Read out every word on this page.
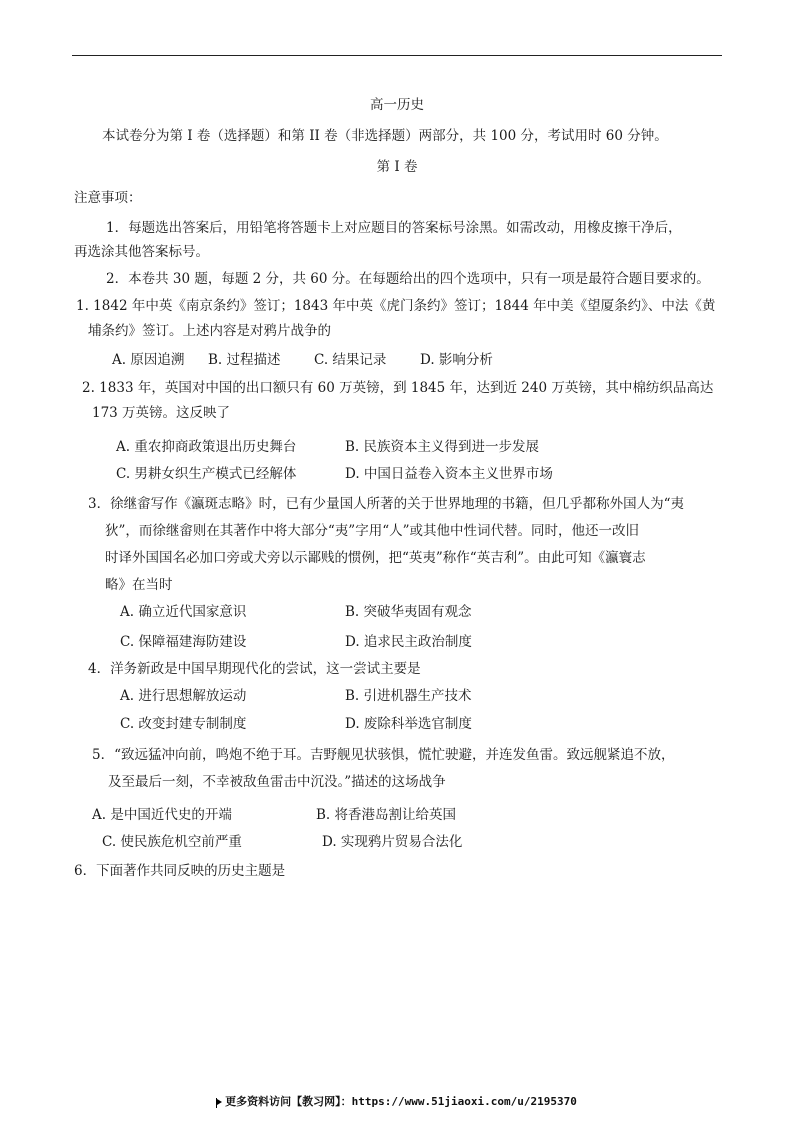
高一历史
本试卷分为第 I 卷（选择题）和第 II 卷（非选择题）两部分，共 100 分，考试用时 60 分钟。
第 I 卷
注意事项：
1．每题选出答案后，用铅笔将答题卡上对应题目的答案标号涂黑。如需改动，用橡皮擦干净后，
再选涂其他答案标号。
2．本卷共 30 题，每题 2 分，共 60 分。在每题给出的四个选项中，只有一项是最符合题目要求的。
1. 1842 年中英《南京条约》签订；1843 年中英《虎门条约》签订；1844 年中美《望厦条约》、中法《黄
埔条约》签订。上述内容是对鸦片战争的
A. 原因追溯 B. 过程描述 C. 结果记录 D. 影响分析
2. 1833 年，英国对中国的出口额只有 60 万英镑，到 1845 年，达到近 240 万英镑，其中棉纺织品高达
173 万英镑。这反映了
A. 重农抑商政策退出历史舞台	B. 民族资本主义得到进一步发展
C. 男耕女织生产模式已经解体	D. 中国日益卷入资本主义世界市场
3．徐继畲写作《瀛斑志略》时，已有少量国人所著的关于世界地理的书籍，但几乎都称外国人为“夷
狄”，而徐继畲则在其著作中将大部分“夷”字用“人”或其他中性词代替。同时，他还一改旧
时译外国国名必加口旁或犬旁以示鄙贱的惯例，把“英夷”称作“英吉利”。由此可知《瀛寰志
略》在当时
A. 确立近代国家意识	B. 突破华夷固有观念
C. 保障福建海防建设	D. 追求民主政治制度
4．洋务新政是中国早期现代化的尝试，这一尝试主要是
A. 进行思想解放运动	B. 引进机器生产技术
C. 改变封建专制制度	D. 废除科举选官制度
5．“致远猛冲向前，鸣炮不绝于耳。吉野舰见状骇惧，慌忙驶避，并连发鱼雷。致远舰紧追不放，
及至最后一刻，不幸被敌鱼雷击中沉没。”描述的这场战争
A. 是中国近代史的开端	B. 将香港岛割让给英国
C. 使民族危机空前严重	D. 实现鸦片贸易合法化
6．下面著作共同反映的历史主题是
更多资料访问【教习网】：https://www.51jiaoxi.com/u/2195370
